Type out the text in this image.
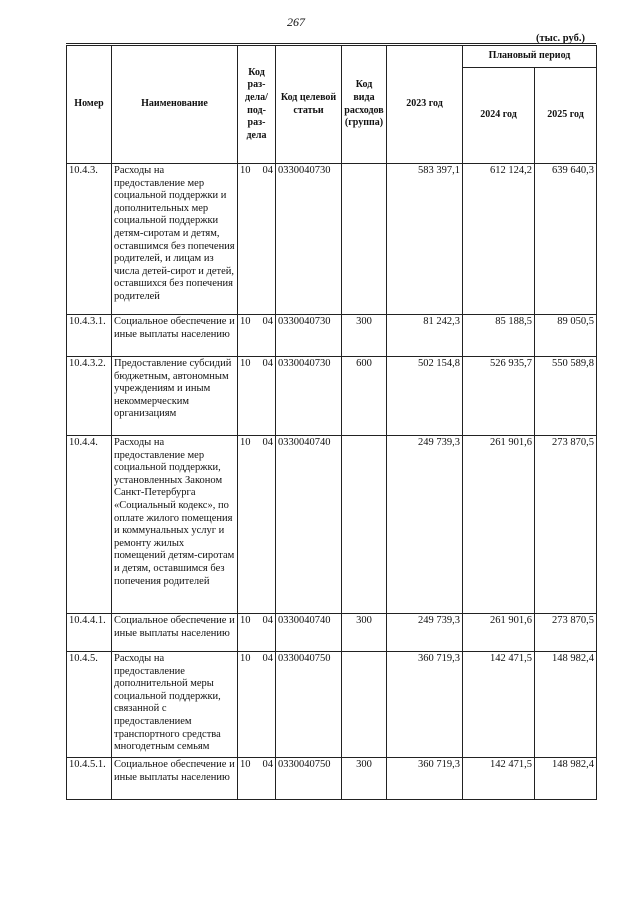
267
(тыс. руб.)
Номер	Наименование	Код раз-дела/ под-раз-дела	Код целевой статьи	Код вида расходов (группа)	2023 год	Плановый период	
						2024 год	2025 год
10.4.3.	Расходы на предоставление мер социальной поддержки и дополнительных мер социальной поддержки детям-сиротам и детям, оставшимся без попечения родителей, и лицам из числа детей-сирот и детей, оставшихся без попечения родителей	10 04	0330040730		583 397,1	612 124,2	639 640,3
10.4.3.1.	Социальное обеспечение и иные выплаты населению	10 04	0330040730	300	81 242,3	85 188,5	89 050,5
10.4.3.2.	Предоставление субсидий бюджетным, автономным учреждениям и иным некоммерческим организациям	10 04	0330040730	600	502 154,8	526 935,7	550 589,8
10.4.4.	Расходы на предоставление мер социальной поддержки, установленных Законом Санкт-Петербурга «Социальный кодекс», по оплате жилого помещения и коммунальных услуг и ремонту жилых помещений детям-сиротам и детям, оставшимся без попечения родителей	10 04	0330040740		249 739,3	261 901,6	273 870,5
10.4.4.1.	Социальное обеспечение и иные выплаты населению	10 04	0330040740	300	249 739,3	261 901,6	273 870,5
10.4.5.	Расходы на предоставление дополнительной меры социальной поддержки, связанной с предоставлением транспортного средства многодетным семьям	10 04	0330040750		360 719,3	142 471,5	148 982,4
10.4.5.1.	Социальное обеспечение и иные выплаты населению	10 04	0330040750	300	360 719,3	142 471,5	148 982,4
